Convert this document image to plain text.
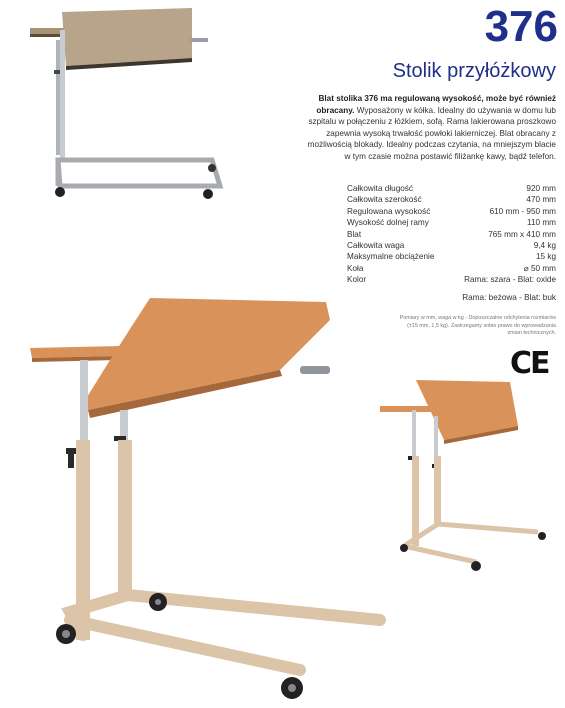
376
Stolik przyłóżkowy
Blat stolika 376 ma regulowaną wysokość, może być również obracany. Wyposażony w kółka. Idealny do używania w domu lub szpitalu w połączeniu z łóżkiem, sofą. Rama lakierowana proszkowo zapewnia wysoką trwałość powłoki lakierniczej. Blat obracany z możliwością blokady. Idealny podczas czytania, na mniejszym blacie w tym czasie można postawić filiżankę kawy, bądź telefon.
Całkowita długość	920 mm
Całkowita szerokość	470 mm
Regulowana wysokość	610 mm - 950 mm
Wysokość dolnej ramy	110 mm
Blat	765 mm x 410 mm
Całkowita waga	9,4 kg
Maksymalne obciążenie	15 kg
Koła	⌀ 50 mm
Kolor	Rama: szara - Blat: oxide
Rama: beżowa - Blat: buk
Pomiary w mm, waga w kg - Dopuszczalne odchylenia rozmiarów (±15 mm, 1,5 kg). Zastrzegamy sobie prawo do wprowadzania zmian technicznych.
CE
